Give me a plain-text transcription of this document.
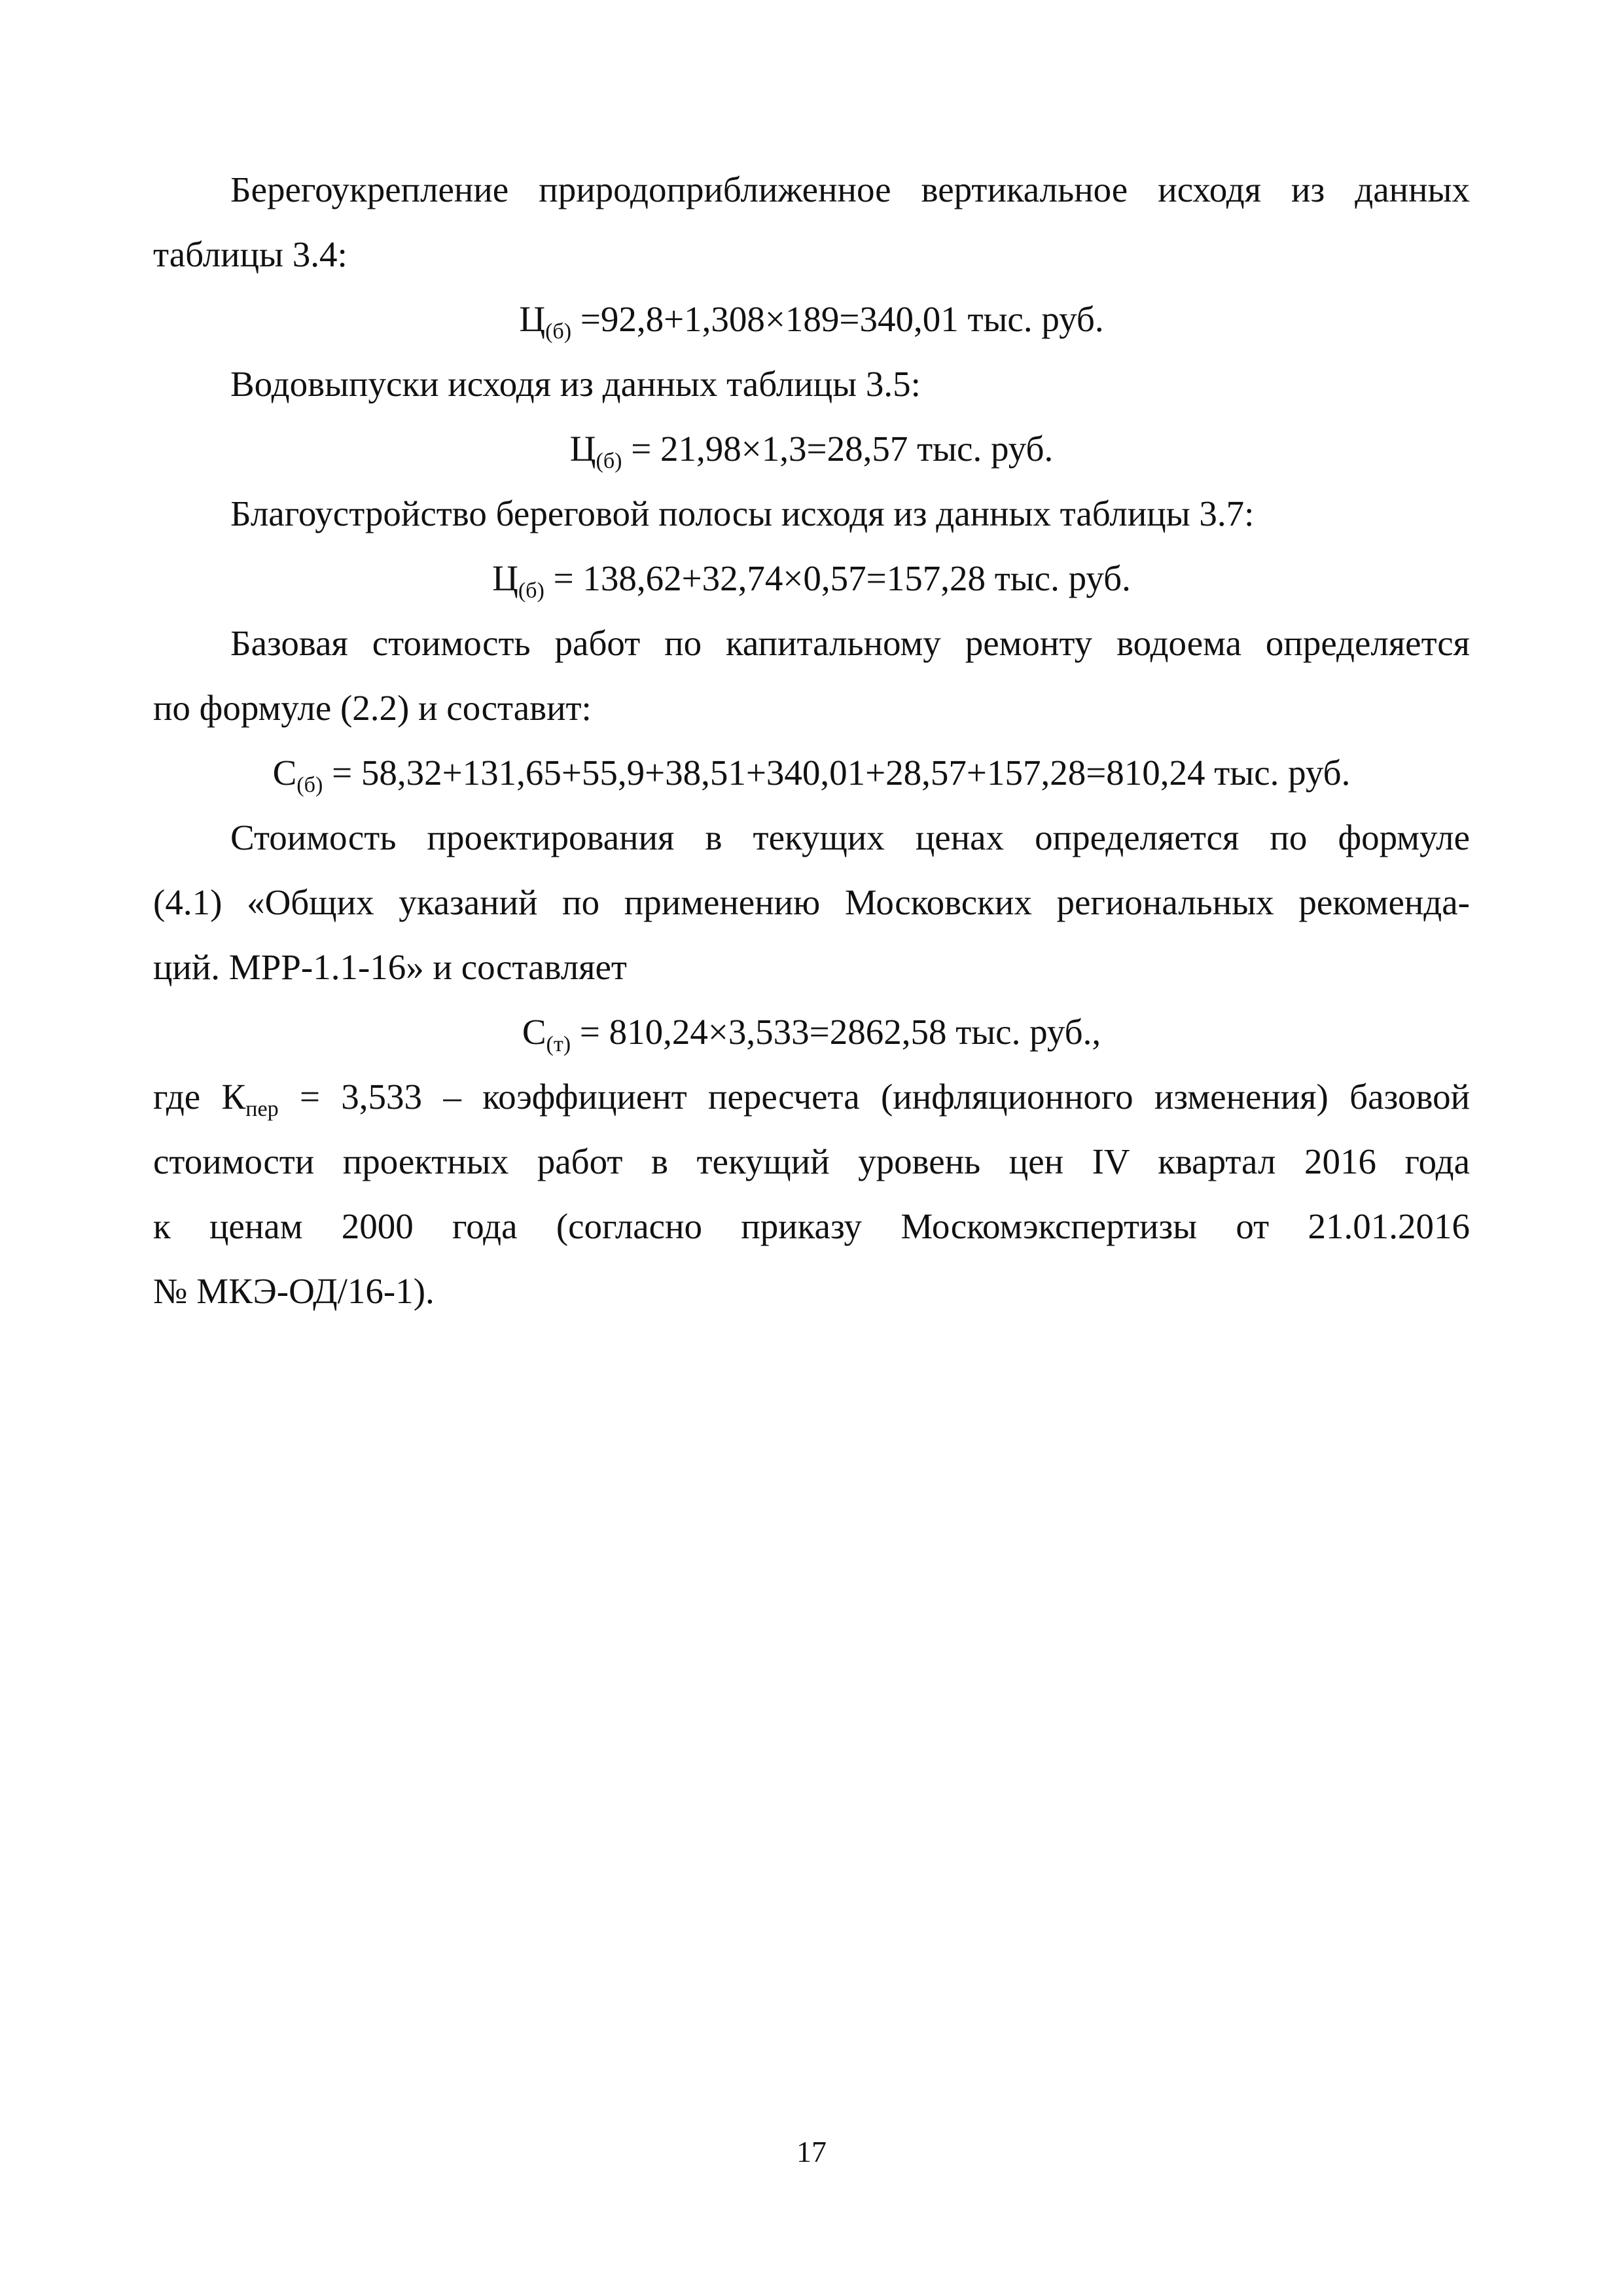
Берегоукрепление природоприближенное вертикальное исходя из данных
таблицы 3.4:

$Ц_{(б)} =92,8+1,308\times 189=340,01$ тыс. руб.

Водовыпуски исходя из данных таблицы 3.5:

$Ц_{(б)} = 21,98\times 1,3=28,57$ тыс. руб.

Благоустройство береговой полосы исходя из данных таблицы 3.7:

$Ц_{(б)} = 138,62+32,74\times 0,57=157,28$ тыс. руб.

Базовая стоимость работ по капитальному ремонту водоема определяется
по формуле (2.2) и составит:

$С_{(б)} = 58,32+131,65+55,9+38,51+340,01+28,57+157,28=810,24$ тыс. руб.

Стоимость проектирования в текущих ценах определяется по формуле
(4.1) «Общих указаний по применению Московских региональных рекоменда-
ций. МРР-1.1-16» и составляет

$С_{(т)} = 810,24\times 3,533=2862,58$ тыс. руб.,

где $К_{пер} = 3,533$ – коэффициент пересчета (инфляционного изменения) базовой
стоимости проектных работ в текущий уровень цен IV квартал 2016 года
к ценам 2000 года (согласно приказу Москомэкспертизы от 21.01.2016
№ МКЭ-ОД/16-1).

17
